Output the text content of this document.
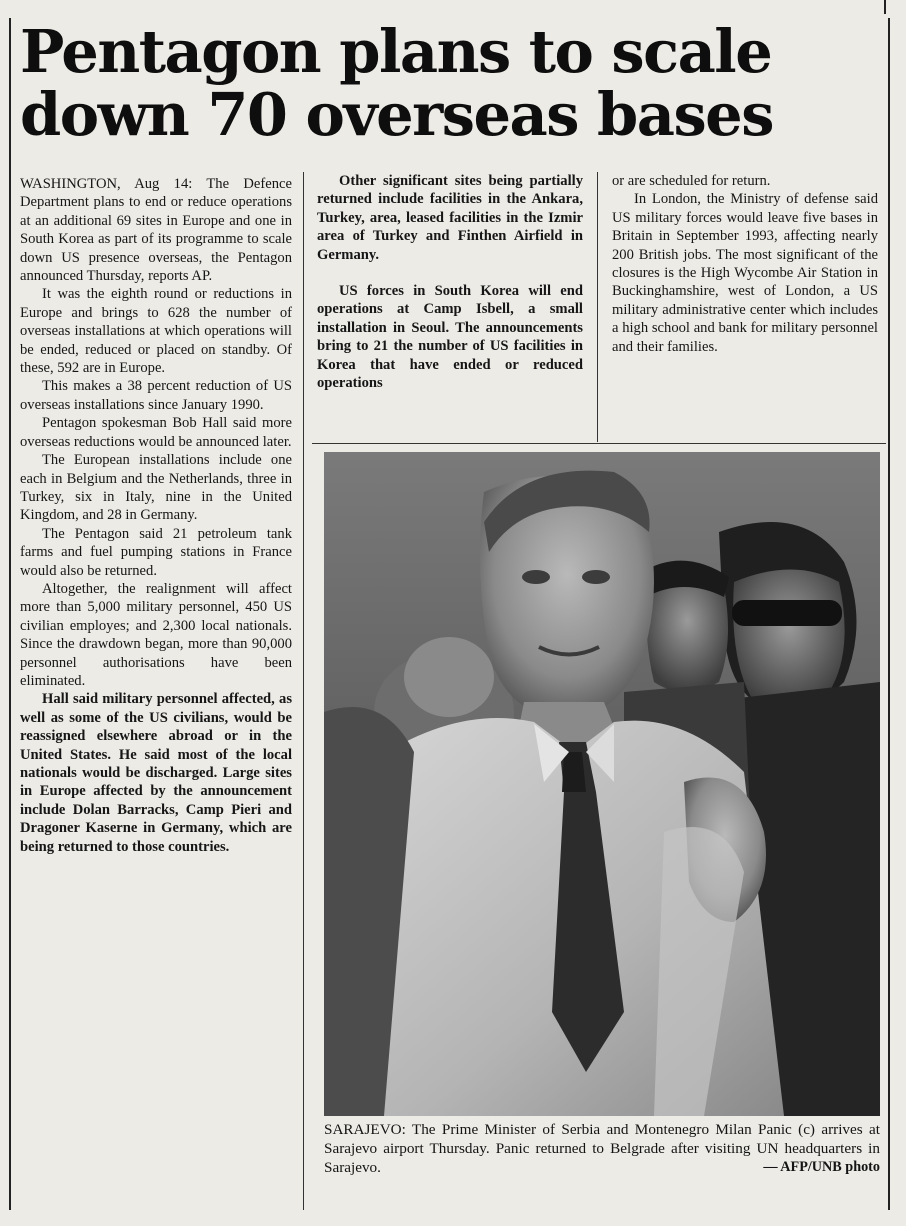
Pentagon plans to scale
down 70 overseas bases

WASHINGTON, Aug 14: The Defence Department plans to end or reduce operations at an additional 69 sites in Europe and one in South Korea as part of its programme to scale down US presence overseas, the Pentagon announced Thursday, reports AP.

It was the eighth round or reductions in Europe and brings to 628 the number of overseas installations at which operations will be ended, reduced or placed on standby. Of these, 592 are in Europe.

This makes a 38 percent reduction of US overseas installations since January 1990.

Pentagon spokesman Bob Hall said more overseas reductions would be announced later.

The European installations include one each in Belgium and the Netherlands, three in Turkey, six in Italy, nine in the United Kingdom, and 28 in Germany.

The Pentagon said 21 petroleum tank farms and fuel pumping stations in France would also be returned.

Altogether, the realignment will affect more than 5,000 military personnel, 450 US civilian employes; and 2,300 local nationals. Since the drawdown began, more than 90,000 personnel authorisations have been eliminated.

Hall said military personnel affected, as well as some of the US civilians, would be reassigned elsewhere abroad or in the United States. He said most of the local nationals would be discharged. Large sites in Europe affected by the announcement include Dolan Barracks, Camp Pieri and Dragoner Kaserne in Germany, which are being returned to those countries.

Other significant sites being partially returned include facilities in the Ankara, Turkey, area, leased facilities in the Izmir area of Turkey and Finthen Airfield in Germany.

US forces in South Korea will end operations at Camp Isbell, a small installation in Seoul. The announcements bring to 21 the number of US facilities in Korea that have ended or reduced operations

or are scheduled for return.

In London, the Ministry of defense said US military forces would leave five bases in Britain in September 1993, affecting nearly 200 British jobs. The most significant of the closures is the High Wycombe Air Station in Buckinghamshire, west of London, a US military administrative center which includes a high school and bank for military personnel and their families.

SARAJEVO: The Prime Minister of Serbia and Montenegro Milan Panic (c) arrives at Sarajevo airport Thursday. Panic returned to Belgrade after visiting UN headquarters in Sarajevo.	— AFP/UNB photo
